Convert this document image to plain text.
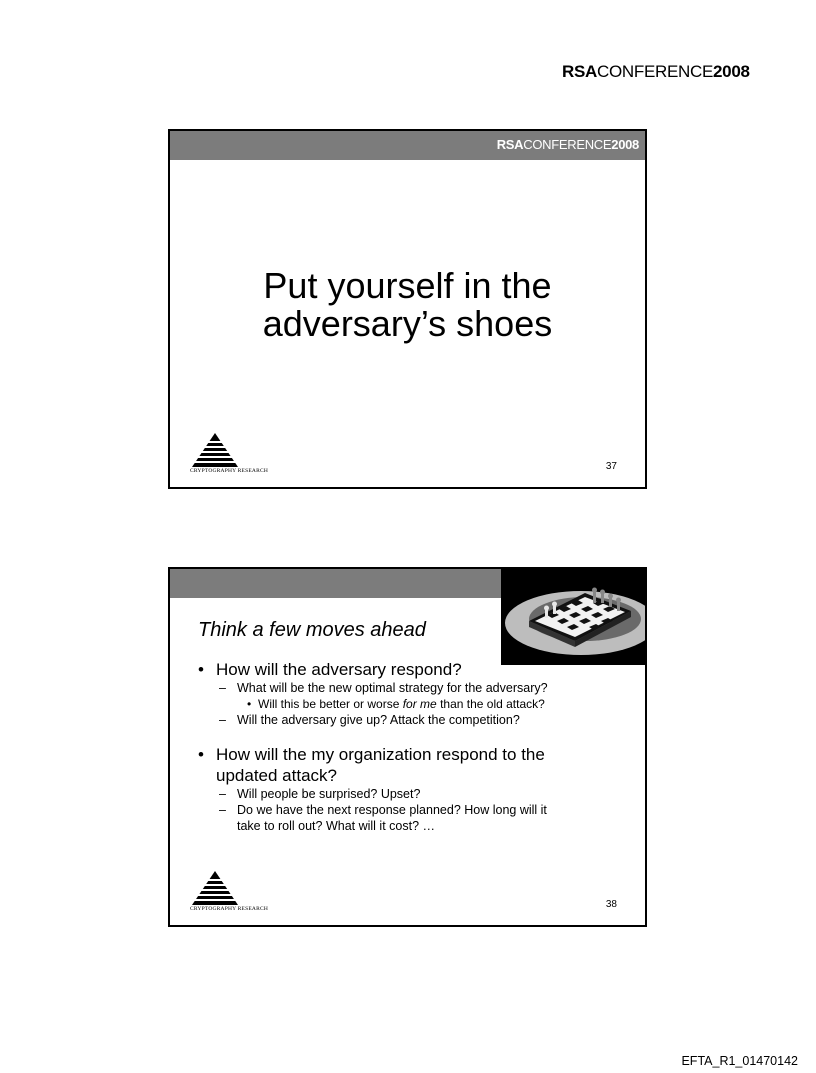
RSACONFERENCE2008
RSACONFERENCE2008
Put yourself in the
adversary’s shoes
CRYPTOGRAPHY RESEARCH	37
Think a few moves ahead
• How will the adversary respond?
– What will be the new optimal strategy for the adversary?
• Will this be better or worse for me than the old attack?
– Will the adversary give up? Attack the competition?
• How will the my organization respond to the
updated attack?
– Will people be surprised? Upset?
– Do we have the next response planned? How long will it
take to roll out? What will it cost? …
CRYPTOGRAPHY RESEARCH	38
EFTA_R1_01470142
